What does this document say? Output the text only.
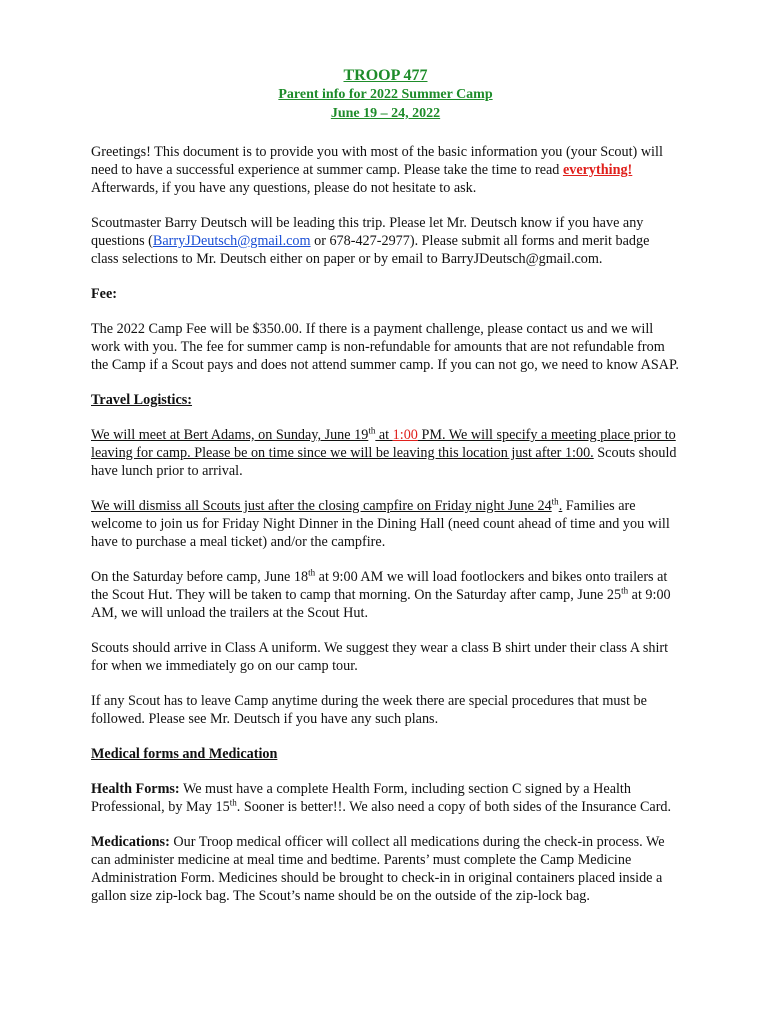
TROOP 477
Parent info for 2022 Summer Camp
June 19 – 24, 2022

Greetings! This document is to provide you with most of the basic information you (your Scout) will need to have a successful experience at summer camp. Please take the time to read everything! Afterwards, if you have any questions, please do not hesitate to ask.

Scoutmaster Barry Deutsch will be leading this trip. Please let Mr. Deutsch know if you have any questions (BarryJDeutsch@gmail.com or 678-427-2977). Please submit all forms and merit badge class selections to Mr. Deutsch either on paper or by email to BarryJDeutsch@gmail.com.

Fee:

The 2022 Camp Fee will be $350.00. If there is a payment challenge, please contact us and we will work with you. The fee for summer camp is non-refundable for amounts that are not refundable from the Camp if a Scout pays and does not attend summer camp. If you can not go, we need to know ASAP.

Travel Logistics:

We will meet at Bert Adams, on Sunday, June 19th at 1:00 PM. We will specify a meeting place prior to leaving for camp. Please be on time since we will be leaving this location just after 1:00. Scouts should have lunch prior to arrival.

We will dismiss all Scouts just after the closing campfire on Friday night June 24th. Families are welcome to join us for Friday Night Dinner in the Dining Hall (need count ahead of time and you will have to purchase a meal ticket) and/or the campfire.

On the Saturday before camp, June 18th at 9:00 AM we will load footlockers and bikes onto trailers at the Scout Hut. They will be taken to camp that morning. On the Saturday after camp, June 25th at 9:00 AM, we will unload the trailers at the Scout Hut.

Scouts should arrive in Class A uniform. We suggest they wear a class B shirt under their class A shirt for when we immediately go on our camp tour.

If any Scout has to leave Camp anytime during the week there are special procedures that must be followed. Please see Mr. Deutsch if you have any such plans.

Medical forms and Medication

Health Forms: We must have a complete Health Form, including section C signed by a Health Professional, by May 15th. Sooner is better!!. We also need a copy of both sides of the Insurance Card.

Medications: Our Troop medical officer will collect all medications during the check-in process. We can administer medicine at meal time and bedtime. Parents’ must complete the Camp Medicine Administration Form. Medicines should be brought to check-in in original containers placed inside a gallon size zip-lock bag. The Scout’s name should be on the outside of the zip-lock bag.
